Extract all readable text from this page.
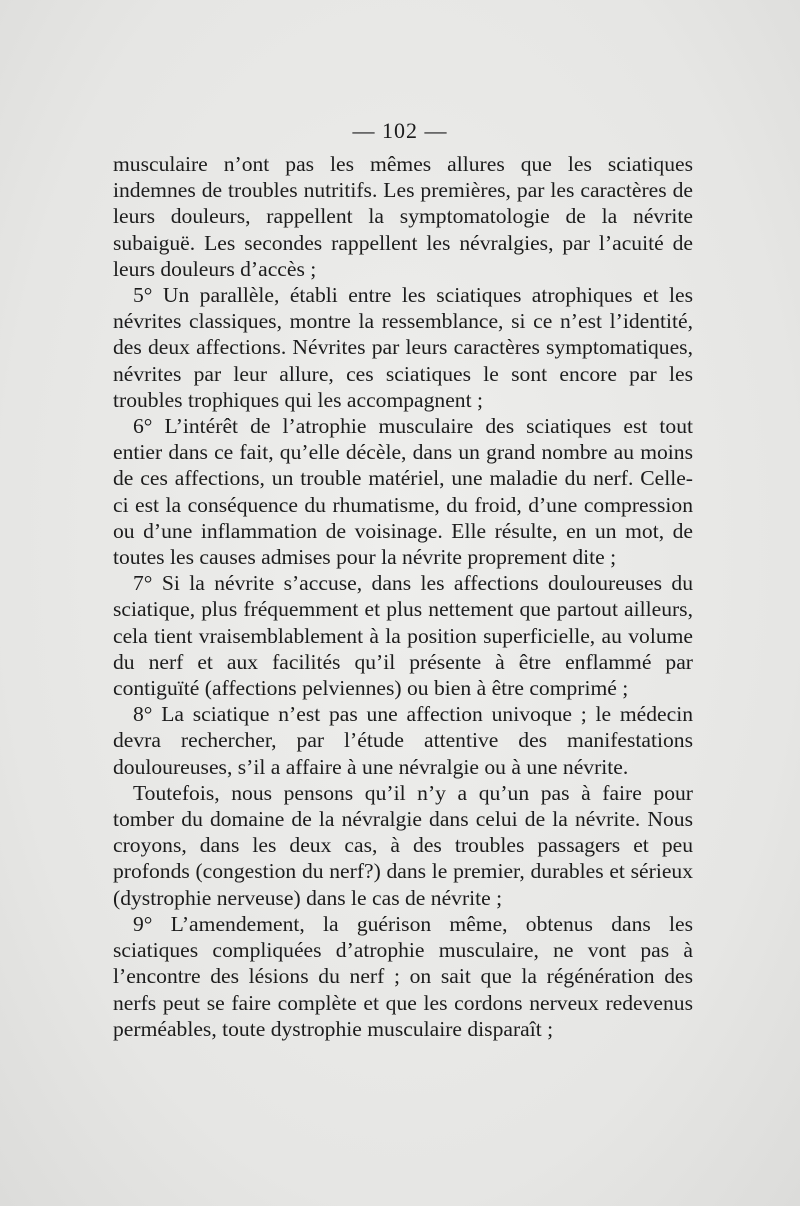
— 102 —

musculaire n’ont pas les mêmes allures que les sciatiques indemnes de troubles nutritifs. Les premières, par les caractères de leurs douleurs, rappellent la symptomatologie de la névrite subaiguë. Les secondes rappellent les névralgies, par l’acuité de leurs douleurs d’accès ;

5° Un parallèle, établi entre les sciatiques atrophiques et les névrites classiques, montre la ressemblance, si ce n’est l’identité, des deux affections. Névrites par leurs caractères symptomatiques, névrites par leur allure, ces sciatiques le sont encore par les troubles trophiques qui les accompagnent ;

6° L’intérêt de l’atrophie musculaire des sciatiques est tout entier dans ce fait, qu’elle décèle, dans un grand nombre au moins de ces affections, un trouble matériel, une maladie du nerf. Celle-ci est la conséquence du rhumatisme, du froid, d’une compression ou d’une inflammation de voisinage. Elle résulte, en un mot, de toutes les causes admises pour la névrite proprement dite ;

7° Si la névrite s’accuse, dans les affections douloureuses du sciatique, plus fréquemment et plus nettement que partout ailleurs, cela tient vraisemblablement à la position superficielle, au volume du nerf et aux facilités qu’il présente à être enflammé par contiguïté (affections pelviennes) ou bien à être comprimé ;

8° La sciatique n’est pas une affection univoque ; le médecin devra rechercher, par l’étude attentive des manifestations douloureuses, s’il a affaire à une névralgie ou à une névrite.

Toutefois, nous pensons qu’il n’y a qu’un pas à faire pour tomber du domaine de la névralgie dans celui de la névrite. Nous croyons, dans les deux cas, à des troubles passagers et peu profonds (congestion du nerf?) dans le premier, durables et sérieux (dystrophie nerveuse) dans le cas de névrite ;

9° L’amendement, la guérison même, obtenus dans les sciatiques compliquées d’atrophie musculaire, ne vont pas à l’encontre des lésions du nerf ; on sait que la régénération des nerfs peut se faire complète et que les cordons nerveux redevenus perméables, toute dystrophie musculaire disparaît ;
